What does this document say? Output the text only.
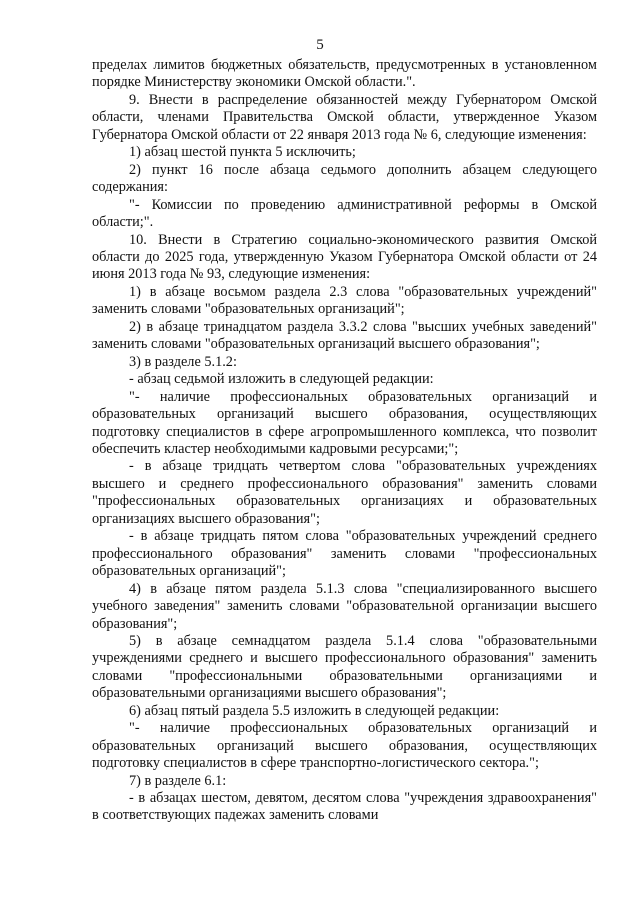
5

пределах лимитов бюджетных обязательств, предусмотренных в установленном порядке Министерству экономики Омской области.".

9. Внести в распределение обязанностей между Губернатором Омской области, членами Правительства Омской области, утвержденное Указом Губернатора Омской области от 22 января 2013 года № 6, следующие изменения:

1) абзац шестой пункта 5 исключить;

2) пункт 16 после абзаца седьмого дополнить абзацем следующего содержания:

"- Комиссии по проведению административной реформы в Омской области;".

10. Внести в Стратегию социально-экономического развития Омской области до 2025 года, утвержденную Указом Губернатора Омской области от 24 июня 2013 года № 93, следующие изменения:

1) в абзаце восьмом раздела 2.3 слова "образовательных учреждений" заменить словами "образовательных организаций";

2) в абзаце тринадцатом раздела 3.3.2 слова "высших учебных заведений" заменить словами "образовательных организаций высшего образования";

3) в разделе 5.1.2:

- абзац седьмой изложить в следующей редакции:

"- наличие профессиональных образовательных организаций и образовательных организаций высшего образования, осуществляющих подготовку специалистов в сфере агропромышленного комплекса, что позволит обеспечить кластер необходимыми кадровыми ресурсами;";

- в абзаце тридцать четвертом слова "образовательных учреждениях высшего и среднего профессионального образования" заменить словами "профессиональных образовательных организациях и образовательных организациях высшего образования";

- в абзаце тридцать пятом слова "образовательных учреждений среднего профессионального образования" заменить словами "профессиональных образовательных организаций";

4) в абзаце пятом раздела 5.1.3 слова "специализированного высшего учебного заведения" заменить словами "образовательной организации высшего образования";

5) в абзаце семнадцатом раздела 5.1.4 слова "образовательными учреждениями среднего и высшего профессионального образования" заменить словами "профессиональными образовательными организациями и образовательными организациями высшего образования";

6) абзац пятый раздела 5.5 изложить в следующей редакции:

"- наличие профессиональных образовательных организаций и образовательных организаций высшего образования, осуществляющих подготовку специалистов в сфере транспортно-логистического сектора.";

7) в разделе 6.1:

- в абзацах шестом, девятом, десятом слова "учреждения здравоохранения" в соответствующих падежах заменить словами
